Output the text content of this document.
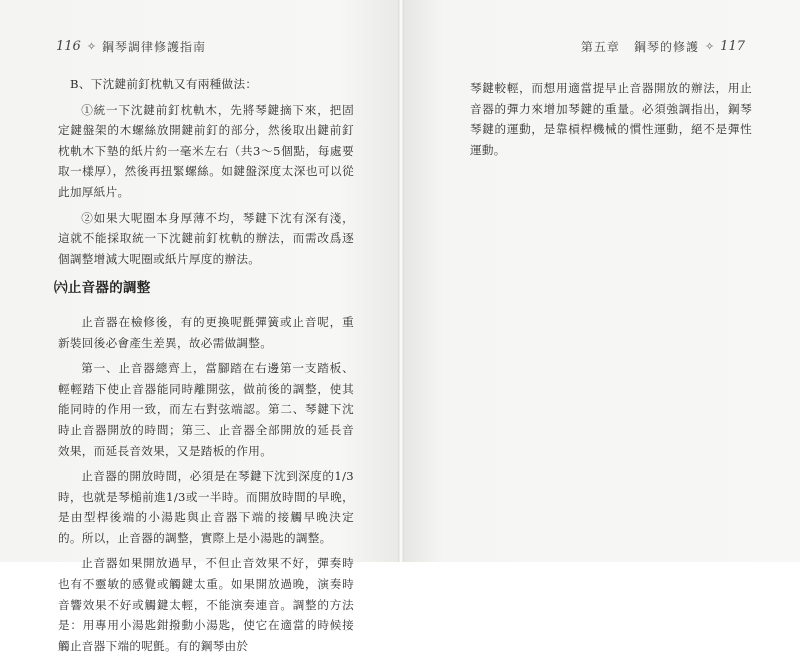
116 ✧ 鋼琴調律修護指南

B、下沈鍵前釘枕軌又有兩種做法：

①統一下沈鍵前釘枕軌木，先將琴鍵摘下來，把固定鍵盤架的木螺絲放開鍵前釘的部分，然後取出鍵前釘枕軌木下墊的紙片約一毫米左右（共3～5個點，每處要取一樣厚），然後再扭緊螺絲。如鍵盤深度太深也可以從此加厚紙片。

②如果大呢圈本身厚薄不均，琴鍵下沈有深有淺，這就不能採取統一下沈鍵前釘枕軌的辦法，而需改爲逐個調整增減大呢圈或紙片厚度的辦法。

㈥止音器的調整

止音器在檢修後，有的更換呢氈彈簧或止音呢，重新裝回後必會產生差異，故必需做調整。

第一、止音器總齊上，當腳踏在右邊第一支踏板、輕輕踏下使止音器能同時離開弦，做前後的調整，使其能同時的作用一致，而左右對弦端認。第二、琴鍵下沈時止音器開放的時間；第三、止音器全部開放的延長音效果，而延長音效果，又是踏板的作用。

止音器的開放時間，必須是在琴鍵下沈到深度的1/3時，也就是琴槌前進1/3或一半時。而開放時間的早晚，是由型桿後端的小湯匙與止音器下端的接觸早晚決定的。所以，止音器的調整，實際上是小湯匙的調整。

止音器如果開放過早，不但止音效果不好，彈奏時也有不靈敏的感覺或觸鍵太重。如果開放過晚，演奏時音響效果不好或觸鍵太輕，不能演奏連音。調整的方法是：用專用小湯匙鉗撥動小湯匙，使它在適當的時候接觸止音器下端的呢氈。有的鋼琴由於

第五章 鋼琴的修護 ✧ 117

琴鍵較輕，而想用適當提早止音器開放的辦法，用止音器的彈力來增加琴鍵的重量。必須強調指出，鋼琴琴鍵的運動，是靠槓桿機械的慣性運動，絕不是彈性運動。
